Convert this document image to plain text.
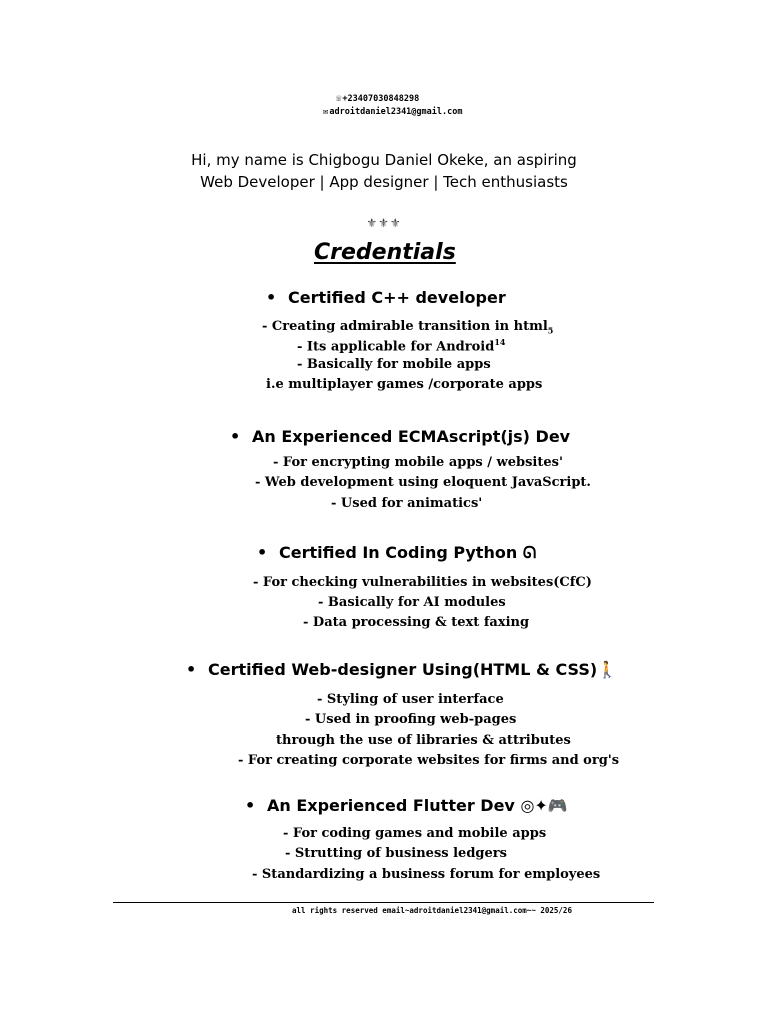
☏+23407030848298
✉adroitdaniel2341@gmail.com
Hi, my name is Chigbogu Daniel Okeke, an aspiring
Web Developer | App designer | Tech enthusiasts
⚜⚜⚜
Credentials
• Certified C++ developer
- Creating admirable transition in html$_5$
- Its applicable for Android$^{14}$
- Basically for mobile apps
i.e multiplayer games /corporate apps
• An Experienced ECMAscript(js) Dev
- For encrypting mobile apps / websites'
- Web development using eloquent JavaScript.
- Used for animatics'
• Certified In Coding Python ᘏ
- For checking vulnerabilities in websites(CfC)
- Basically for AI modules
- Data processing & text faxing
• Certified Web-designer Using(HTML & CSS)🚶
- Styling of user interface
- Used in proofing web-pages
through the use of libraries & attributes
- For creating corporate websites for firms and org's
• An Experienced Flutter Dev ◎✦🎮
- For coding games and mobile apps
- Strutting of business ledgers
- Standardizing a business forum for employees
all rights reserved email~adroitdaniel2341@gmail.com~~ 2025/26
